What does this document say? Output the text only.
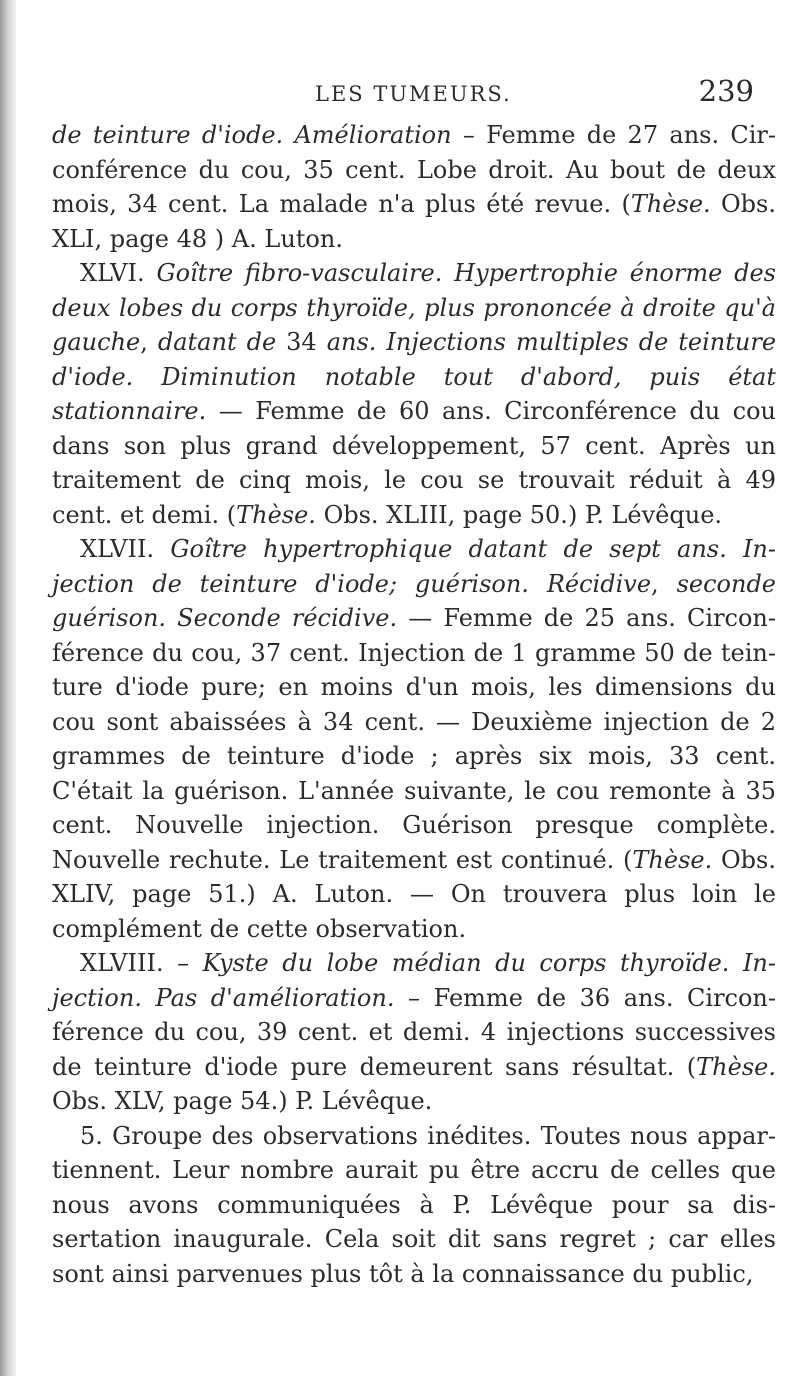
LES TUMEURS.	239

de teinture d'iode. Amélioration – Femme de 27 ans. Circonférence du cou, 35 cent. Lobe droit. Au bout de deux mois, 34 cent. La malade n'a plus été revue. (Thèse. Obs. XLI, page 48 ) A. Luton.

XLVI. Goître fibro-vasculaire. Hypertrophie énorme des deux lobes du corps thyroïde, plus prononcée à droite qu'à gauche, datant de 34 ans. Injections multiples de teinture d'iode. Diminution notable tout d'abord, puis état stationnaire. — Femme de 60 ans. Circonférence du cou dans son plus grand développement, 57 cent. Après un traitement de cinq mois, le cou se trouvait réduit à 49 cent. et demi. (Thèse. Obs. XLIII, page 50.) P. Lévêque.

XLVII. Goître hypertrophique datant de sept ans. Injection de teinture d'iode; guérison. Récidive, seconde guérison. Seconde récidive. — Femme de 25 ans. Circonférence du cou, 37 cent. Injection de 1 gramme 50 de teinture d'iode pure; en moins d'un mois, les dimensions du cou sont abaissées à 34 cent. — Deuxième injection de 2 grammes de teinture d'iode ; après six mois, 33 cent. C'était la guérison. L'année suivante, le cou remonte à 35 cent. Nouvelle injection. Guérison presque complète. Nouvelle rechute. Le traitement est continué. (Thèse. Obs. XLIV, page 51.) A. Luton. — On trouvera plus loin le complément de cette observation.

XLVIII. – Kyste du lobe médian du corps thyroïde. Injection. Pas d'amélioration. – Femme de 36 ans. Circonférence du cou, 39 cent. et demi. 4 injections successives de teinture d'iode pure demeurent sans résultat. (Thèse. Obs. XLV, page 54.) P. Lévêque.

5. Groupe des observations inédites. Toutes nous appartiennent. Leur nombre aurait pu être accru de celles que nous avons communiquées à P. Lévêque pour sa dissertation inaugurale. Cela soit dit sans regret ; car elles sont ainsi parvenues plus tôt à la connaissance du public,
